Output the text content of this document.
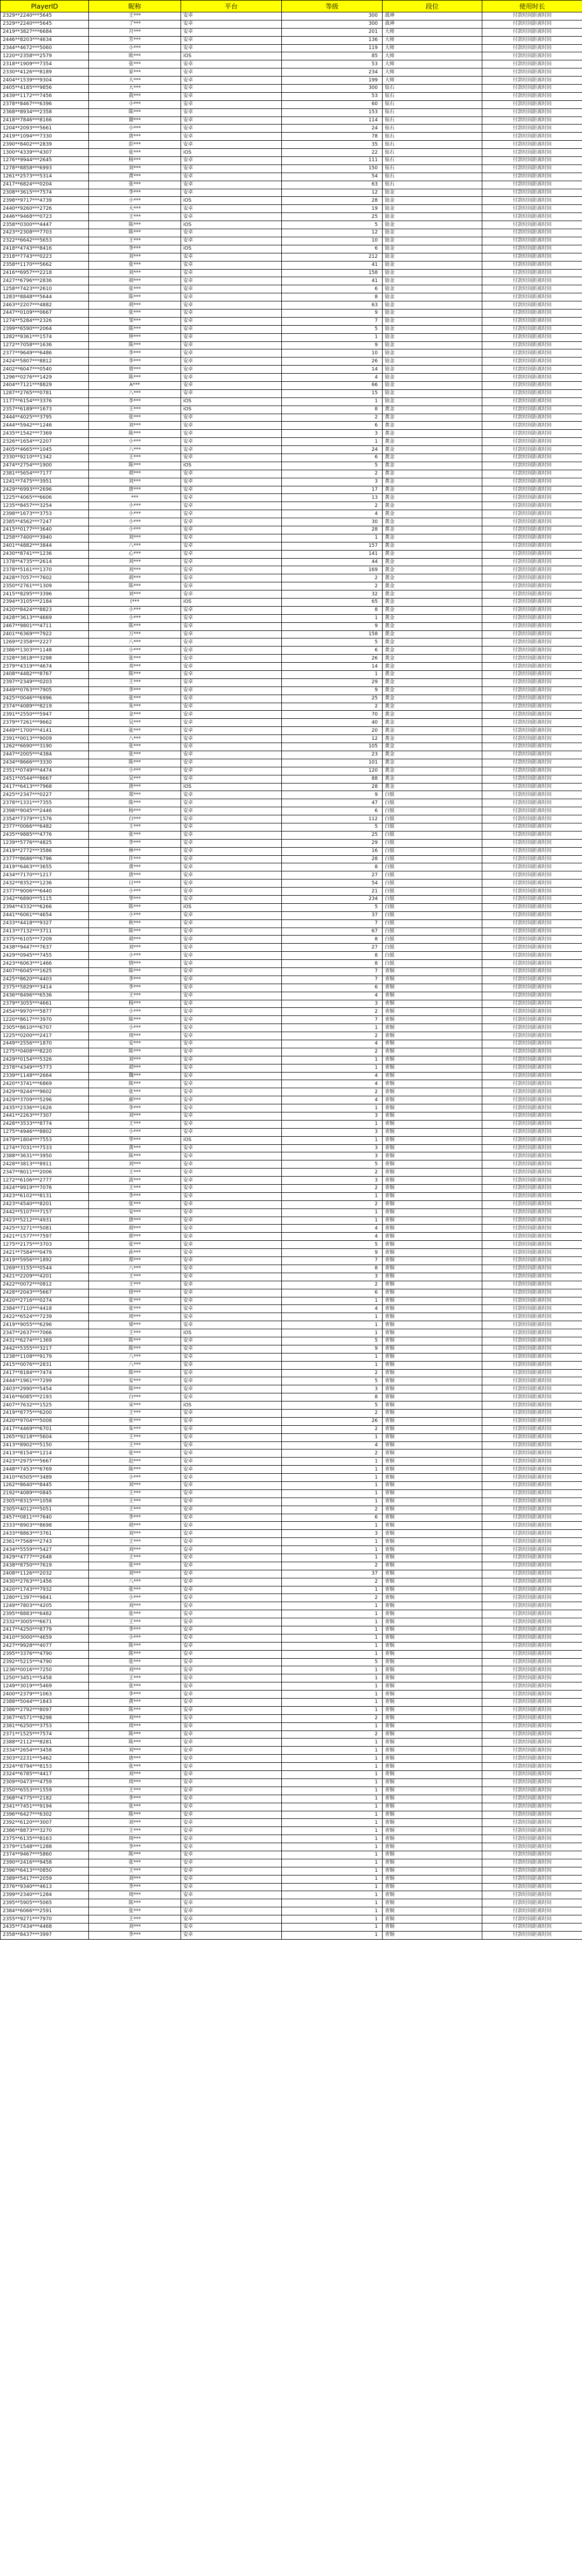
PlayerID	昵称	平台	等级	段位	使用时长
2329**2240***5645	王***	安卓	300	战神	付款时间距离时间
2329**2240***5645	了***	安卓	300	战神	付款时间距离时间
2419**3827***6684	月***	安卓	201	大师	付款时间距离时间
2446**8203***4634	芳***	安卓	136	大师	付款时间距离时间
2344**4672***5060	小***	安卓	119	大师	付款时间距离时间
1220**2358***2579	欧***	iOS	85	大师	付款时间距离时间
2318**1909***7354	张***	安卓	53	大师	付款时间距离时间
2330**4126***8189	家***	安卓	234	大师	付款时间距离时间
2404**1539***9304	大***	安卓	199	大师	付款时间距离时间
2405**4185***9856	大***	安卓	300	钻石	付款时间距离时间
2439**1172***7456	我***	安卓	53	钻石	付款时间距离时间
2378**8467***6396	小***	安卓	60	钻石	付款时间距离时间
2368**8934***2358	陈***	安卓	153	钻石	付款时间距离时间
2418**7846***8166	谢***	安卓	114	钻石	付款时间距离时间
1204**2093***5661	小***	安卓	24	钻石	付款时间距离时间
2419**1094***7330	唐***	安卓	78	钻石	付款时间距离时间
2390**8402***2839	彭***	安卓	35	钻石	付款时间距离时间
1300**4339***4307	张***	iOS	22	钻石	付款时间距离时间
1276**9944***2645	杨***	安卓	111	钻石	付款时间距离时间
1278**8858***6993	刘***	安卓	150	钻石	付款时间距离时间
1261**2573***5314	黄***	安卓	54	钻石	付款时间距离时间
2417**6824***0204	张***	安卓	63	钻石	付款时间距离时间
2308**3615***7574	李***	安卓	12	铂金	付款时间距离时间
2398**9717***4739	小***	iOS	28	铂金	付款时间距离时间
2440**9260***2726	大***	安卓	19	铂金	付款时间距离时间
2446**9468***0723	王***	安卓	25	铂金	付款时间距离时间
2358**0300***4447	陈***	iOS	5	铂金	付款时间距离时间
2423**2308***7703	陈***	安卓	12	铂金	付款时间距离时间
2322**6642***5653	王***	安卓	10	铂金	付款时间距离时间
2418**4743***8416	李***	iOS	6	铂金	付款时间距离时间
2318**7743***0223	刘***	安卓	212	铂金	付款时间距离时间
2358**1170***5662	张***	安卓	41	铂金	付款时间距离时间
2416**6957***2218	刘***	安卓	158	铂金	付款时间距离时间
2427**6796***2836	胡***	安卓	41	铂金	付款时间距离时间
1258**7423***2610	张***	安卓	6	铂金	付款时间距离时间
1283**8848***5644	陈***	安卓	8	铂金	付款时间距离时间
2463**2207***4882	胡***	安卓	63	铂金	付款时间距离时间
2447**0109***0667	张***	安卓	9	铂金	付款时间距离时间
1274**5284***2326	邹***	安卓	7	铂金	付款时间距离时间
2399**6590***2064	陈***	安卓	5	铂金	付款时间距离时间
1282**9361***1574	钟***	安卓	1	铂金	付款时间距离时间
1272**7058***1636	陈***	安卓	9	铂金	付款时间距离时间
2377**9649***6486	李***	安卓	10	铂金	付款时间距离时间
2424**5807***8812	李***	安卓	26	铂金	付款时间距离时间
2402**6047***0540	曾***	安卓	14	铂金	付款时间距离时间
1296**0276***1429	陈***	安卓	4	铂金	付款时间距离时间
2404**7121***8829	A***	安卓	66	铂金	付款时间距离时间
1287**2765***0781	八***	安卓	15	铂金	付款时间距离时间
1177**6154***3376	李***	iOS	1	铂金	付款时间距离时间
2357**6189***1673	王***	iOS	8	黄金	付款时间距离时间
2444**4025***3795	张***	安卓	2	黄金	付款时间距离时间
2444**5942***1246	刘***	安卓	6	黄金	付款时间距离时间
2435**1542***7369	陈***	安卓	3	黄金	付款时间距离时间
2326**1654***2207	小***	安卓	1	黄金	付款时间距离时间
2405**4665***1045	八***	安卓	24	黄金	付款时间距离时间
2330**9210***1342	王***	安卓	6	黄金	付款时间距离时间
2474**2754***1900	陈***	iOS	5	黄金	付款时间距离时间
2381**5654***7177	胡***	安卓	2	黄金	付款时间距离时间
1241**7475***3951	刘***	安卓	3	黄金	付款时间距离时间
2429**6993***2696	唐***	安卓	17	黄金	付款时间距离时间
1225**4065***6606	***	安卓	13	黄金	付款时间距离时间
1235**8457***3254	小***	安卓	2	黄金	付款时间距离时间
2398**1673***3753	小***	安卓	4	黄金	付款时间距离时间
2385**4562***7247	小***	安卓	30	黄金	付款时间距离时间
2415**0177***3640	小***	安卓	28	黄金	付款时间距离时间
1258**7400***3940	刘***	安卓	1	黄金	付款时间距离时间
2401**4882***3844	八***	安卓	157	黄金	付款时间距离时间
2430**8741***1236	心***	安卓	141	黄金	付款时间距离时间
1378**4735***2614	刘***	安卓	44	黄金	付款时间距离时间
2378**5161***1370	刘***	安卓	169	黄金	付款时间距离时间
2428**7057***7602	胡***	安卓	2	黄金	付款时间距离时间
2350**2761***1309	陈***	安卓	2	黄金	付款时间距离时间
2415**8295***3396	刘***	安卓	32	黄金	付款时间距离时间
2394**3105***2184	(***	iOS	65	黄金	付款时间距离时间
2420**8424***8823	小***	安卓	8	黄金	付款时间距离时间
2428**3613***4669	小***	安卓	1	黄金	付款时间距离时间
2467**9801***4711	陈***	安卓	9	黄金	付款时间距离时间
2401**6369***7922	万***	安卓	158	黄金	付款时间距离时间
1269**2358***2227	八***	安卓	5	黄金	付款时间距离时间
2386**1303***1148	小***	安卓	6	黄金	付款时间距离时间
2328**3818***3298	张***	安卓	26	黄金	付款时间距离时间
2379**4319***4674	邓***	安卓	14	黄金	付款时间距离时间
2408**4482***8767	陈***	安卓	1	黄金	付款时间距离时间
2397**2349***0203	王***	安卓	29	黄金	付款时间距离时间
2449**0763***7905	李***	安卓	9	黄金	付款时间距离时间
2425**0046***6996	张***	安卓	25	黄金	付款时间距离时间
2374**4089***8219	朱***	安卓	2	黄金	付款时间距离时间
2391**2550***5947	金***	安卓	70	黄金	付款时间距离时间
2379**7261***9662	吴***	安卓	40	黄金	付款时间距离时间
2449**1700***4141	张***	安卓	20	黄金	付款时间距离时间
2391**0013***9009	八***	安卓	12	黄金	付款时间距离时间
1262**6690***3190	张***	安卓	105	黄金	付款时间距离时间
2447**2005***4384	张***	安卓	23	黄金	付款时间距离时间
2434**8666***3330	陈***	安卓	101	黄金	付款时间距离时间
2351**0749***4474	小***	安卓	120	黄金	付款时间距离时间
2451**0544***8667	吴***	安卓	88	黄金	付款时间距离时间
2417**6413***7968	唐***	iOS	28	黄金	付款时间距离时间
2425**2347***0227	郑***	安卓	9	白银	付款时间距离时间
2378**1331***7355	陈***	安卓	47	白银	付款时间距离时间
2398**9045***2446	杨***	安卓	6	白银	付款时间距离时间
2354**7379***1576	白***	安卓	112	白银	付款时间距离时间
2377**0066***6482	王***	安卓	5	白银	付款时间距离时间
2435**9885***4776	张***	安卓	25	白银	付款时间距离时间
1239**5776***4825	李***	安卓	29	白银	付款时间距离时间
2419**2772***3586	林***	安卓	16	白银	付款时间距离时间
2377**8686***6796	许***	安卓	28	白银	付款时间距离时间
2419**6463***3655	黄***	安卓	8	白银	付款时间距离时间
2434**7170***1217	唐***	安卓	27	白银	付款时间距离时间
2432**8352***1236	日***	安卓	54	白银	付款时间距离时间
2377**9006***6440	小***	安卓	21	白银	付款时间距离时间
2342**6890***5115	华***	安卓	234	白银	付款时间距离时间
2394**4332***6266	陈***	iOS	5	白银	付款时间距离时间
2441**6061***4654	小***	安卓	37	白银	付款时间距离时间
2433**4418***9327	秋***	安卓	7	白银	付款时间距离时间
2413**7132***3711	陈***	安卓	67	白银	付款时间距离时间
2375**6105***7209	胡***	安卓	8	白银	付款时间距离时间
2438**9447***7637	刘***	安卓	27	白银	付款时间距离时间
2429**0945***7455	小***	安卓	8	白银	付款时间距离时间
2423**6063***1466	情***	安卓	8	白银	付款时间距离时间
2407**6045***1625	陈***	安卓	7	青铜	付款时间距离时间
2425**8620***4403	李***	安卓	7	青铜	付款时间距离时间
2375**5829***3414	李***	安卓	6	青铜	付款时间距离时间
2436**8496***6536	王***	安卓	4	青铜	付款时间距离时间
2379**3055***4661	杨***	安卓	3	青铜	付款时间距离时间
2454**9970***5877	小***	安卓	2	青铜	付款时间距离时间
1220**8617***3970	陈***	安卓	7	青铜	付款时间距离时间
2305**8610***6707	小***	安卓	1	青铜	付款时间距离时间
1225**0200***2417	周***	安卓	2	青铜	付款时间距离时间
2449**2556***1870	安***	安卓	4	青铜	付款时间距离时间
1275**0408***8220	陈***	安卓	2	青铜	付款时间距离时间
2429**0154***5326	刘***	安卓	1	青铜	付款时间距离时间
2378**4349***5773	胡***	安卓	1	青铜	付款时间距离时间
2339**1148***2664	魏***	安卓	4	青铜	付款时间距离时间
2420**3741***6869	陈***	安卓	4	青铜	付款时间距离时间
2429**9244***9602	张***	安卓	2	青铜	付款时间距离时间
2429**3709***5296	郝***	安卓	4	青铜	付款时间距离时间
2435**2336***1626	李***	安卓	1	青铜	付款时间距离时间
2441**2263***7307	刘***	安卓	3	青铜	付款时间距离时间
2428**3533***8774	王***	安卓	1	青铜	付款时间距离时间
1275**4946***8802	小***	安卓	3	青铜	付款时间距离时间
2479**1804***7553	华***	iOS	1	青铜	付款时间距离时间
1274**7031***7533	黄***	安卓	3	青铜	付款时间距离时间
2388**3631***3950	陈***	安卓	3	青铜	付款时间距离时间
2428**3813***8911	刘***	安卓	5	青铜	付款时间距离时间
2347**8011***2006	王***	安卓	2	青铜	付款时间距离时间
1272**6106***2777	波***	安卓	3	青铜	付款时间距离时间
2424**9919***7076	王***	安卓	2	青铜	付款时间距离时间
2423**6102***8131	李***	安卓	1	青铜	付款时间距离时间
2423**4540***8201	张***	安卓	2	青铜	付款时间距离时间
2442**5107***7157	安***	安卓	1	青铜	付款时间距离时间
2423**5212***4931	唐***	安卓	1	青铜	付款时间距离时间
2425**3271***5081	胡***	安卓	4	青铜	付款时间距离时间
2421**1577***7597	郭***	安卓	4	青铜	付款时间距离时间
1275**2175***3703	张***	安卓	5	青铜	付款时间距离时间
2421**7584***0479	孙***	安卓	9	青铜	付款时间距离时间
2419**5956***1892	郑***	安卓	7	青铜	付款时间距离时间
1269**3155***0544	八***	安卓	8	青铜	付款时间距离时间
2421**2209***4201	王***	安卓	3	青铜	付款时间距离时间
2422**0072***0812	王***	安卓	2	青铜	付款时间距离时间
2428**2043***5667	徐***	安卓	6	青铜	付款时间距离时间
2420**2716***0274	张***	安卓	1	青铜	付款时间距离时间
2384**7110***4418	张***	安卓	4	青铜	付款时间距离时间
2422**6524***7239	周***	安卓	1	青铜	付款时间距离时间
2419**9055***6296	梁***	安卓	1	青铜	付款时间距离时间
2347**2637***7066	王***	iOS	1	青铜	付款时间距离时间
2431**6274***1369	陈***	安卓	5	青铜	付款时间距离时间
2442**5355***3217	陈***	安卓	9	青铜	付款时间距离时间
1238**1108***9179	八***	安卓	1	青铜	付款时间距离时间
2415**0076***2831	八***	安卓	1	青铜	付款时间距离时间
2417**8184***7474	陈***	安卓	2	青铜	付款时间距离时间
2444**1961***7299	安***	安卓	5	青铜	付款时间距离时间
2403**2990***5454	陈***	安卓	3	青铜	付款时间距离时间
2416**6085***2193	白***	安卓	8	青铜	付款时间距离时间
2407**7632***1525	宋***	iOS	5	青铜	付款时间距离时间
2419**8775***6200	王***	安卓	2	青铜	付款时间距离时间
2420**9704***5008	张***	安卓	26	青铜	付款时间距离时间
2417**4469***6701	朱***	安卓	2	青铜	付款时间距离时间
1265**9218***5604	王***	安卓	1	青铜	付款时间距离时间
2413**8902***5150	王***	安卓	4	青铜	付款时间距离时间
2413**8154***1214	张***	安卓	2	青铜	付款时间距离时间
2423**2975***5667	赵***	安卓	1	青铜	付款时间距离时间
2448**7453***6769	陈***	安卓	1	青铜	付款时间距离时间
2410**6505***3489	小***	安卓	1	青铜	付款时间距离时间
1262**8640***8445	刘***	安卓	1	青铜	付款时间距离时间
2192**4089***0845	王***	安卓	1	青铜	付款时间距离时间
2305**8315***1058	王***	安卓	1	青铜	付款时间距离时间
2305**4012***5051	王***	安卓	2	青铜	付款时间距离时间
2457**0811***7640	李***	安卓	6	青铜	付款时间距离时间
2333**8903***8698	胡***	安卓	1	青铜	付款时间距离时间
2433**8863***3761	刘***	安卓	3	青铜	付款时间距离时间
2361**7568***2743	王***	安卓	1	青铜	付款时间距离时间
2434**5559***5427	刘***	安卓	1	青铜	付款时间距离时间
2429**4777***2648	王***	安卓	1	青铜	付款时间距离时间
2438**8750***7619	张***	安卓	2	青铜	付款时间距离时间
2408**1126***2032	刘***	安卓	37	青铜	付款时间距离时间
2430**2763***1456	八***	安卓	2	青铜	付款时间距离时间
2420**1743***7932	张***	安卓	1	青铜	付款时间距离时间
1280**1397***9841	小***	安卓	2	青铜	付款时间距离时间
1249**7803***4205	刘***	安卓	1	青铜	付款时间距离时间
2395**8883***6482	张***	安卓	1	青铜	付款时间距离时间
2332**3005***6671	王***	安卓	1	青铜	付款时间距离时间
2417**4250***8779	李***	安卓	1	青铜	付款时间距离时间
2410**3000***4659	小***	安卓	1	青铜	付款时间距离时间
2427**9928***4077	陈***	安卓	1	青铜	付款时间距离时间
2395**3376***4790	陈***	安卓	1	青铜	付款时间距离时间
2392**5215***4790	张***	安卓	5	青铜	付款时间距离时间
1236**0016***7250	刘***	安卓	1	青铜	付款时间距离时间
1250**3451***5458	王***	安卓	1	青铜	付款时间距离时间
1249**3019***5469	张***	安卓	1	青铜	付款时间距离时间
2400**2379***1063	李***	安卓	1	青铜	付款时间距离时间
2388**5044***1843	黄***	安卓	1	青铜	付款时间距离时间
2386**2792***8097	陈***	安卓	1	青铜	付款时间距离时间
2367**6571***8298	刘***	安卓	2	青铜	付款时间距离时间
2381**6250***3753	周***	安卓	1	青铜	付款时间距离时间
2371**1525***7574	陈***	安卓	2	青铜	付款时间距离时间
2388**2112***8281	陈***	安卓	1	青铜	付款时间距离时间
2334**2654***3458	刘***	安卓	1	青铜	付款时间距离时间
2303**2231***5462	唐***	安卓	1	青铜	付款时间距离时间
2324**8794***8153	张***	安卓	1	青铜	付款时间距离时间
2324**6785***4417	刘***	安卓	1	青铜	付款时间距离时间
2309**0473***4759	周***	安卓	1	青铜	付款时间距离时间
2350**6553***1559	王***	安卓	1	青铜	付款时间距离时间
2368**4775***2182	李***	安卓	1	青铜	付款时间距离时间
2341**7451***9194	张***	安卓	1	青铜	付款时间距离时间
2396**6427***6302	陈***	安卓	1	青铜	付款时间距离时间
2392**6120***3007	刘***	安卓	1	青铜	付款时间距离时间
2386**8873***3270	王***	安卓	1	青铜	付款时间距离时间
2375**6135***8163	周***	安卓	1	青铜	付款时间距离时间
2379**1548***1288	李***	安卓	1	青铜	付款时间距离时间
2374**9467***5860	陈***	安卓	1	青铜	付款时间距离时间
2390**2416***9458	张***	安卓	1	青铜	付款时间距离时间
2396**6413***0850	王***	安卓	1	青铜	付款时间距离时间
2389**5417***2059	刘***	安卓	1	青铜	付款时间距离时间
2376**9340***4613	李***	安卓	1	青铜	付款时间距离时间
2399**2340***1284	周***	安卓	1	青铜	付款时间距离时间
2395**5905***5065	陈***	安卓	1	青铜	付款时间距离时间
2384**6066***2591	张***	安卓	1	青铜	付款时间距离时间
2355**9271***7970	王***	安卓	1	青铜	付款时间距离时间
2435**7434***4468	刘***	安卓	1	青铜	付款时间距离时间
2358**8437***3997	李***	安卓	1	青铜	付款时间距离时间
